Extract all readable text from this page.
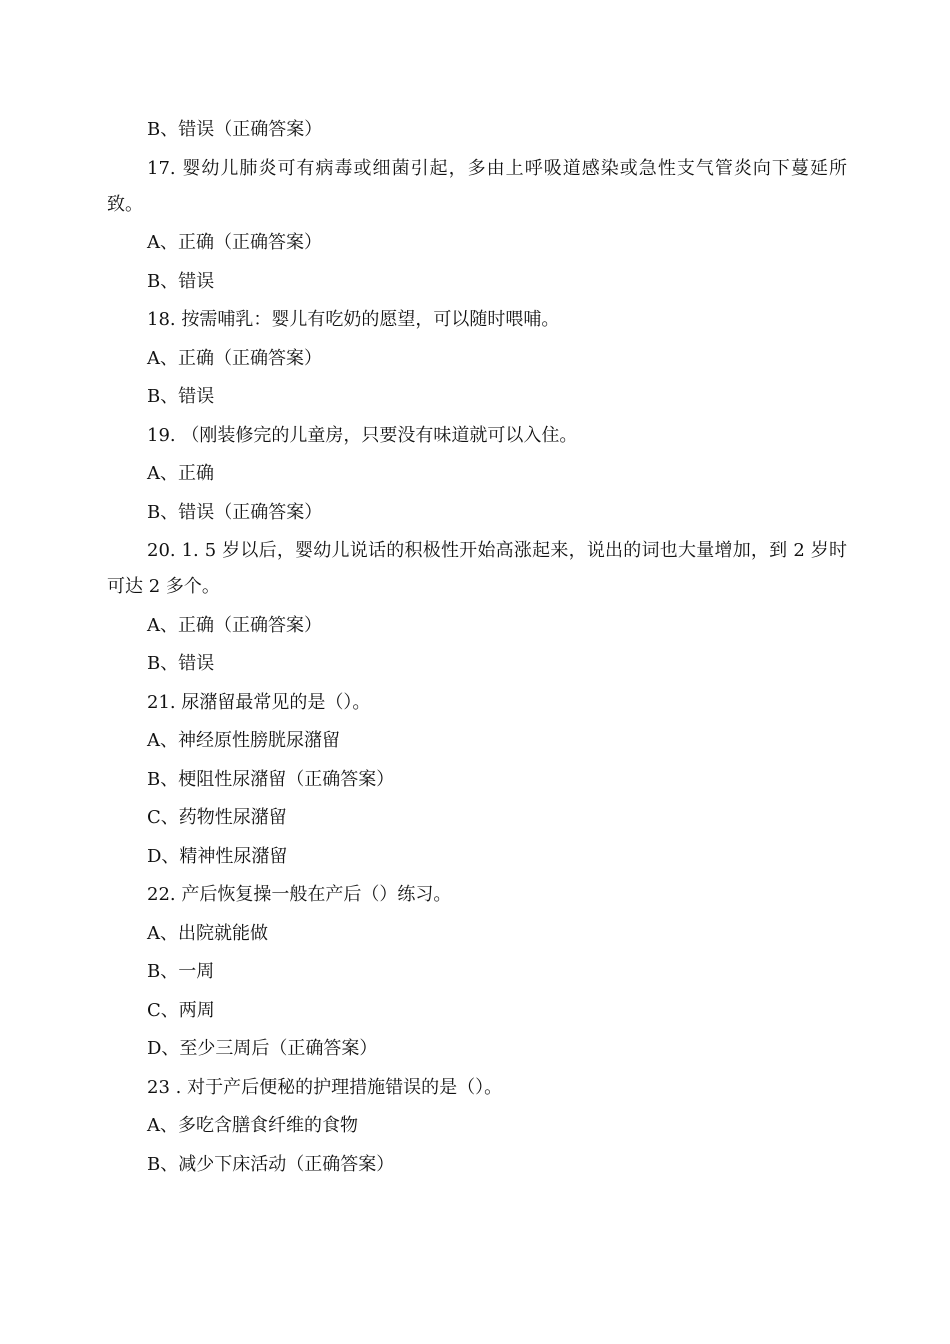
B、错误（正确答案）
17. 婴幼儿肺炎可有病毒或细菌引起，多由上呼吸道感染或急性支气管炎向下蔓延所致。
A、正确（正确答案）
B、错误
18. 按需哺乳：婴儿有吃奶的愿望，可以随时喂哺。
A、正确（正确答案）
B、错误
19. （刚装修完的儿童房，只要没有味道就可以入住。
A、正确
B、错误（正确答案）
20. 1. 5 岁以后，婴幼儿说话的积极性开始高涨起来，说出的词也大量增加，到 2 岁时可达 2 多个。
A、正确（正确答案）
B、错误
21. 尿潴留最常见的是（）。
A、神经原性膀胱尿潴留
B、梗阻性尿潴留（正确答案）
C、药物性尿潴留
D、精神性尿潴留
22. 产后恢复操一般在产后（）练习。
A、出院就能做
B、一周
C、两周
D、至少三周后（正确答案）
23 . 对于产后便秘的护理措施错误的是（）。
A、多吃含膳食纤维的食物
B、减少下床活动（正确答案）
